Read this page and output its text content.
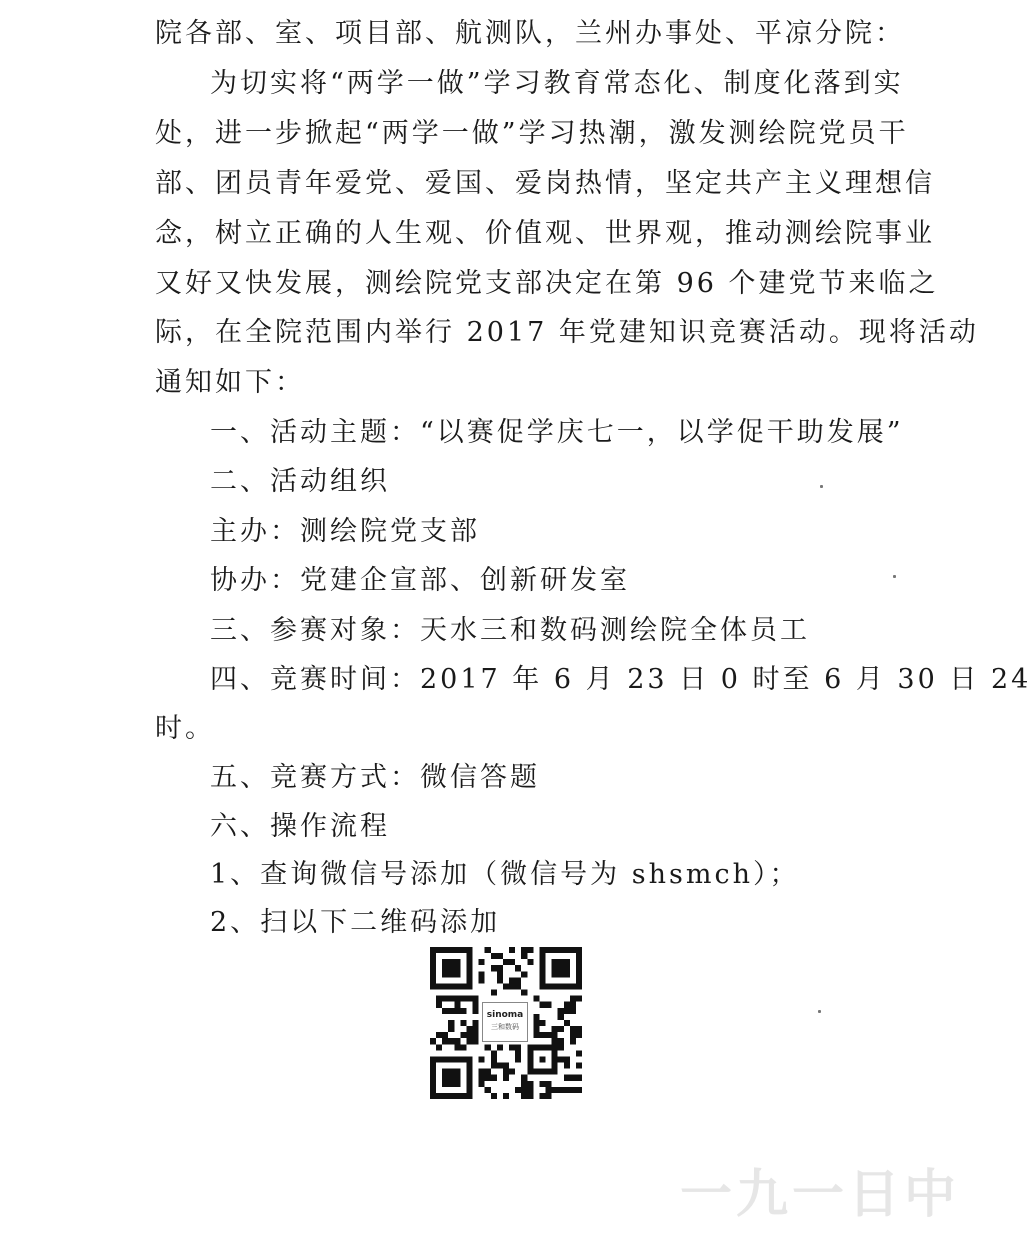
院各部、室、项目部、航测队，兰州办事处、平凉分院：
为切实将“两学一做”学习教育常态化、制度化落到实
处，进一步掀起“两学一做”学习热潮，激发测绘院党员干
部、团员青年爱党、爱国、爱岗热情，坚定共产主义理想信
念，树立正确的人生观、价值观、世界观，推动测绘院事业
又好又快发展，测绘院党支部决定在第 96 个建党节来临之
际，在全院范围内举行 2017 年党建知识竞赛活动。现将活动
通知如下：
一、活动主题：“以赛促学庆七一，以学促干助发展”
二、活动组织
主办：测绘院党支部
协办：党建企宣部、创新研发室
三、参赛对象：天水三和数码测绘院全体员工
四、竞赛时间：2017 年 6 月 23 日 0 时至 6 月 30 日 24
时。
五、竞赛方式：微信答题
六、操作流程
1、查询微信号添加（微信号为 shsmch）；
2、扫以下二维码添加
sinoma
三和数码
一九一日中
